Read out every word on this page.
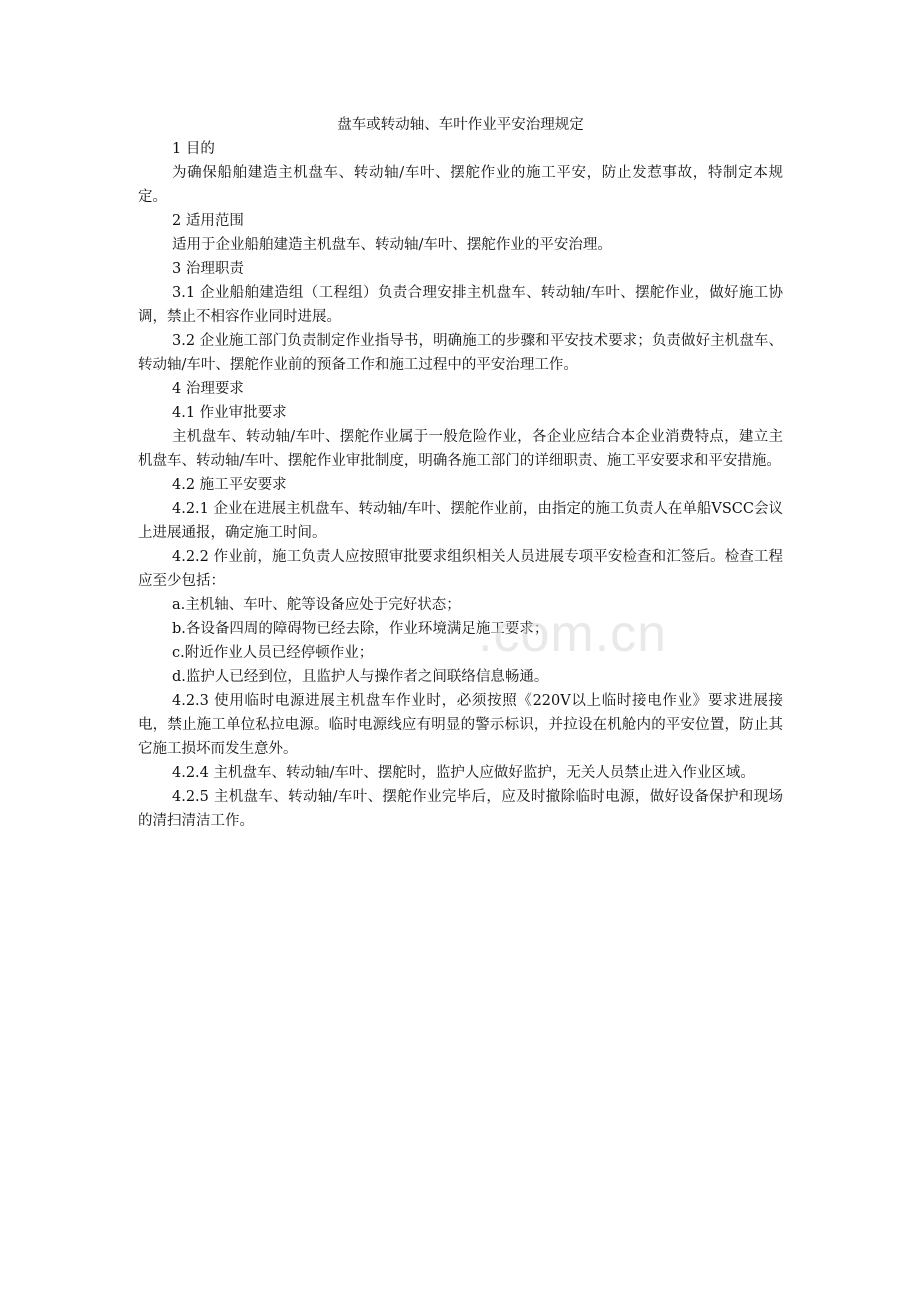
盘车或转动轴、车叶作业平安治理规定

1 目的

为确保船舶建造主机盘车、转动轴/车叶、摆舵作业的施工平安，防止发惹事故，特制定本规定。

2 适用范围

适用于企业船舶建造主机盘车、转动轴/车叶、摆舵作业的平安治理。

3 治理职责

3.1 企业船舶建造组（工程组）负责合理安排主机盘车、转动轴/车叶、摆舵作业，做好施工协调，禁止不相容作业同时进展。

3.2 企业施工部门负责制定作业指导书，明确施工的步骤和平安技术要求；负责做好主机盘车、转动轴/车叶、摆舵作业前的预备工作和施工过程中的平安治理工作。

4 治理要求

4.1 作业审批要求

主机盘车、转动轴/车叶、摆舵作业属于一般危险作业，各企业应结合本企业消费特点，建立主机盘车、转动轴/车叶、摆舵作业审批制度，明确各施工部门的详细职责、施工平安要求和平安措施。

4.2 施工平安要求

4.2.1 企业在进展主机盘车、转动轴/车叶、摆舵作业前，由指定的施工负责人在单船VSCC会议上进展通报，确定施工时间。

4.2.2 作业前，施工负责人应按照审批要求组织相关人员进展专项平安检查和汇签后。检查工程应至少包括：

a.主机轴、车叶、舵等设备应处于完好状态；

b.各设备四周的障碍物已经去除，作业环境满足施工要求；

c.附近作业人员已经停顿作业；

d.监护人已经到位，且监护人与操作者之间联络信息畅通。

4.2.3 使用临时电源进展主机盘车作业时，必须按照《220V以上临时接电作业》要求进展接电，禁止施工单位私拉电源。临时电源线应有明显的警示标识，并拉设在机舱内的平安位置，防止其它施工损坏而发生意外。

4.2.4 主机盘车、转动轴/车叶、摆舵时，监护人应做好监护，无关人员禁止进入作业区域。

4.2.5 主机盘车、转动轴/车叶、摆舵作业完毕后，应及时撤除临时电源，做好设备保护和现场的清扫清洁工作。

.com.cn
